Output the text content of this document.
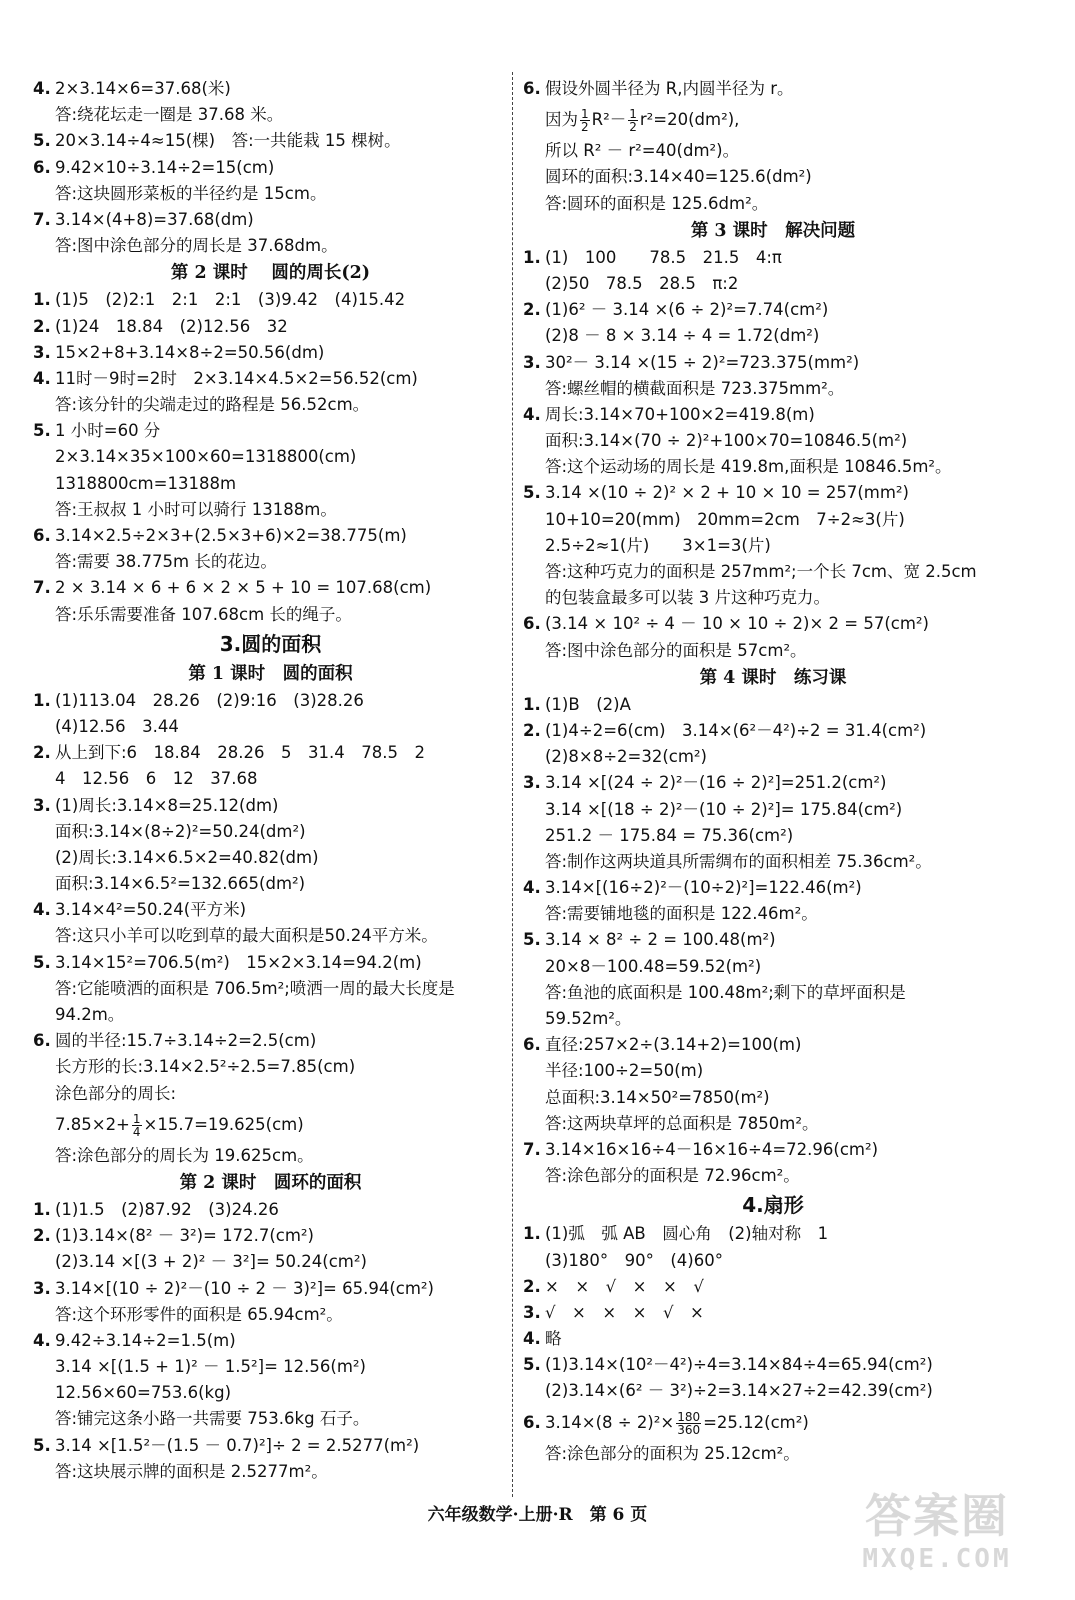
4. 2×3.14×6=37.68(米)
答:绕花坛走一圈是 37.68 米。
5. 20×3.14÷4≈15(棵)　答:一共能栽 15 棵树。
6. 9.42×10÷3.14÷2=15(cm)
答:这块圆形菜板的半径约是 15cm。
7. 3.14×(4+8)=37.68(dm)
答:图中涂色部分的周长是 37.68dm。
第 2 课时　 圆的周长(2)
1. (1)5　(2)2:1　2:1　2:1　(3)9.42　(4)15.42
2. (1)24　18.84　(2)12.56　32
3. 15×2+8+3.14×8÷2=50.56(dm)
4. 11时－9时=2时　2×3.14×4.5×2=56.52(cm)
答:该分针的尖端走过的路程是 56.52cm。
5. 1 小时=60 分
2×3.14×35×100×60=1318800(cm)
1318800cm=13188m
答:王叔叔 1 小时可以骑行 13188m。
6. 3.14×2.5÷2×3+(2.5×3+6)×2=38.775(m)
答:需要 38.775m 长的花边。
7. 2 × 3.14 × 6 + 6 × 2 × 5 + 10 = 107.68(cm)
答:乐乐需要准备 107.68cm 长的绳子。
3.圆的面积
第 1 课时　圆的面积
1. (1)113.04　28.26　(2)9:16　(3)28.26
(4)12.56　3.44
2. 从上到下:6　18.84　28.26　5　31.4　78.5　2
4　12.56　6　12　37.68
3. (1)周长:3.14×8=25.12(dm)
面积:3.14×(8÷2)²=50.24(dm²)
(2)周长:3.14×6.5×2=40.82(dm)
面积:3.14×6.5²=132.665(dm²)
4. 3.14×4²=50.24(平方米)
答:这只小羊可以吃到草的最大面积是50.24平方米。
5. 3.14×15²=706.5(m²)　15×2×3.14=94.2(m)
答:它能喷洒的面积是 706.5m²;喷洒一周的最大长度是
94.2m。
6. 圆的半径:15.7÷3.14÷2=2.5(cm)
长方形的长:3.14×2.5²÷2.5=7.85(cm)
涂色部分的周长:
$7.85\times 2+ \frac{1}{4} \times 15.7=19.625(cm)$
答:涂色部分的周长为 19.625cm。
第 2 课时　圆环的面积
1. (1)1.5　(2)87.92　(3)24.26
2. (1)3.14×(8² － 3²)= 172.7(cm²)
(2)3.14 ×[(3 + 2)² － 3²]= 50.24(cm²)
3. 3.14×[(10 ÷ 2)²－(10 ÷ 2 － 3)²]= 65.94(cm²)
答:这个环形零件的面积是 65.94cm²。
4. 9.42÷3.14÷2=1.5(m)
3.14 ×[(1.5 + 1)² － 1.5²]= 12.56(m²)
12.56×60=753.6(kg)
答:铺完这条小路一共需要 753.6kg 石子。
5. 3.14 ×[1.5²－(1.5 － 0.7)²]÷ 2 = 2.5277(m²)
答:这块展示牌的面积是 2.5277m²。
6. 假设外圆半径为 R,内圆半径为 r。
因为 $\frac{1}{2} R^2- \frac{1}{2} r^2=20(dm^2)$,
所以 R² － r²=40(dm²)。
圆环的面积:3.14×40=125.6(dm²)
答:圆环的面积是 125.6dm²。
第 3 课时　解决问题
1. (1)　100　　78.5　21.5　4:π
(2)50　78.5　28.5　π:2
2. (1)6² － 3.14 ×(6 ÷ 2)²=7.74(cm²)
(2)8 － 8 × 3.14 ÷ 4 = 1.72(dm²)
3. 30²－ 3.14 ×(15 ÷ 2)²=723.375(mm²)
答:螺丝帽的横截面积是 723.375mm²。
4. 周长:3.14×70+100×2=419.8(m)
面积:3.14×(70 ÷ 2)²+100×70=10846.5(m²)
答:这个运动场的周长是 419.8m,面积是 10846.5m²。
5. 3.14 ×(10 ÷ 2)² × 2 + 10 × 10 = 257(mm²)
10+10=20(mm)　20mm=2cm　7÷2≈3(片)
2.5÷2≈1(片)　　3×1=3(片)
答:这种巧克力的面积是 257mm²;一个长 7cm、宽 2.5cm
的包装盒最多可以装 3 片这种巧克力。
6. (3.14 × 10² ÷ 4 － 10 × 10 ÷ 2)× 2 = 57(cm²)
答:图中涂色部分的面积是 57cm²。
第 4 课时　练习课
1. (1)B　(2)A
2. (1)4÷2=6(cm)　3.14×(6²－4²)÷2 = 31.4(cm²)
(2)8×8÷2=32(cm²)
3. 3.14 ×[(24 ÷ 2)²－(16 ÷ 2)²]=251.2(cm²)
3.14 ×[(18 ÷ 2)²－(10 ÷ 2)²]= 175.84(cm²)
251.2 － 175.84 = 75.36(cm²)
答:制作这两块道具所需绸布的面积相差 75.36cm²。
4. 3.14×[(16÷2)²－(10÷2)²]=122.46(m²)
答:需要铺地毯的面积是 122.46m²。
5. 3.14 × 8² ÷ 2 = 100.48(m²)
20×8－100.48=59.52(m²)
答:鱼池的底面积是 100.48m²;剩下的草坪面积是
59.52m²。
6. 直径:257×2÷(3.14+2)=100(m)
半径:100÷2=50(m)
总面积:3.14×50²=7850(m²)
答:这两块草坪的总面积是 7850m²。
7. 3.14×16×16÷4－16×16÷4=72.96(cm²)
答:涂色部分的面积是 72.96cm²。
4.扇形
1. (1)弧　弧 AB　圆心角　(2)轴对称　1
(3)180°　90°　(4)60°
2. ×　×　√　×　×　√
3. √　×　×　×　√　×
4. 略
5. (1)3.14×(10²－4²)÷4=3.14×84÷4=65.94(cm²)
(2)3.14×(6² － 3²)÷2=3.14×27÷2=42.39(cm²)
6. $3.14\times(8 \div 2)^2\times \frac{180}{360} =25.12(cm^2)$
答:涂色部分的面积为 25.12cm²。
六年级数学·上册·R　第 6 页	答案圈
MXQE.COM
